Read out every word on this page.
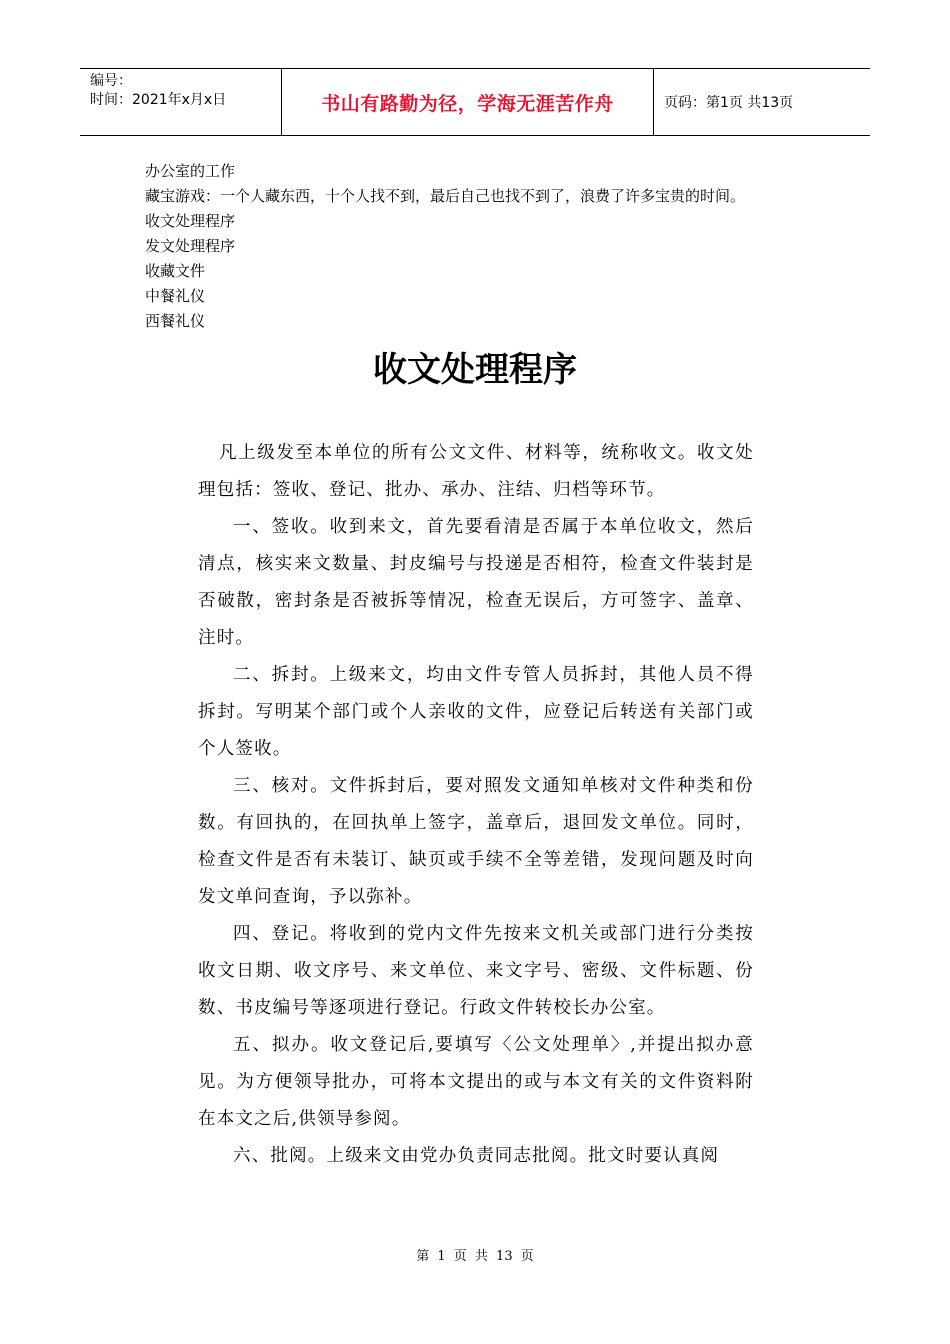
编号：
时间：2021年x月x日	书山有路勤为径，学海无涯苦作舟	页码：第1页 共13页
办公室的工作
藏宝游戏：一个人藏东西，十个人找不到，最后自己也找不到了，浪费了许多宝贵的时间。
收文处理程序
发文处理程序
收藏文件
中餐礼仪
西餐礼仪
收文处理程序

凡上级发至本单位的所有公文文件、材料等，统称收文。收文处理包括：签收、登记、批办、承办、注结、归档等环节。

一、签收。收到来文，首先要看清是否属于本单位收文，然后清点，核实来文数量、封皮编号与投递是否相符，检查文件装封是否破散，密封条是否被拆等情况，检查无误后，方可签字、盖章、注时。

二、拆封。上级来文，均由文件专管人员拆封，其他人员不得拆封。写明某个部门或个人亲收的文件，应登记后转送有关部门或个人签收。

三、核对。文件拆封后，要对照发文通知单核对文件种类和份数。有回执的，在回执单上签字，盖章后，退回发文单位。同时，检查文件是否有未装订、缺页或手续不全等差错，发现问题及时向发文单问查询，予以弥补。

四、登记。将收到的党内文件先按来文机关或部门进行分类按收文日期、收文序号、来文单位、来文字号、密级、文件标题、份数、书皮编号等逐项进行登记。行政文件转校长办公室。

五、拟办。收文登记后,要填写〈公文处理单〉,并提出拟办意见。为方便领导批办，可将本文提出的或与本文有关的文件资料附在本文之后,供领导参阅。

六、批阅。上级来文由党办负责同志批阅。批文时要认真阅

第 1 页 共 13 页
